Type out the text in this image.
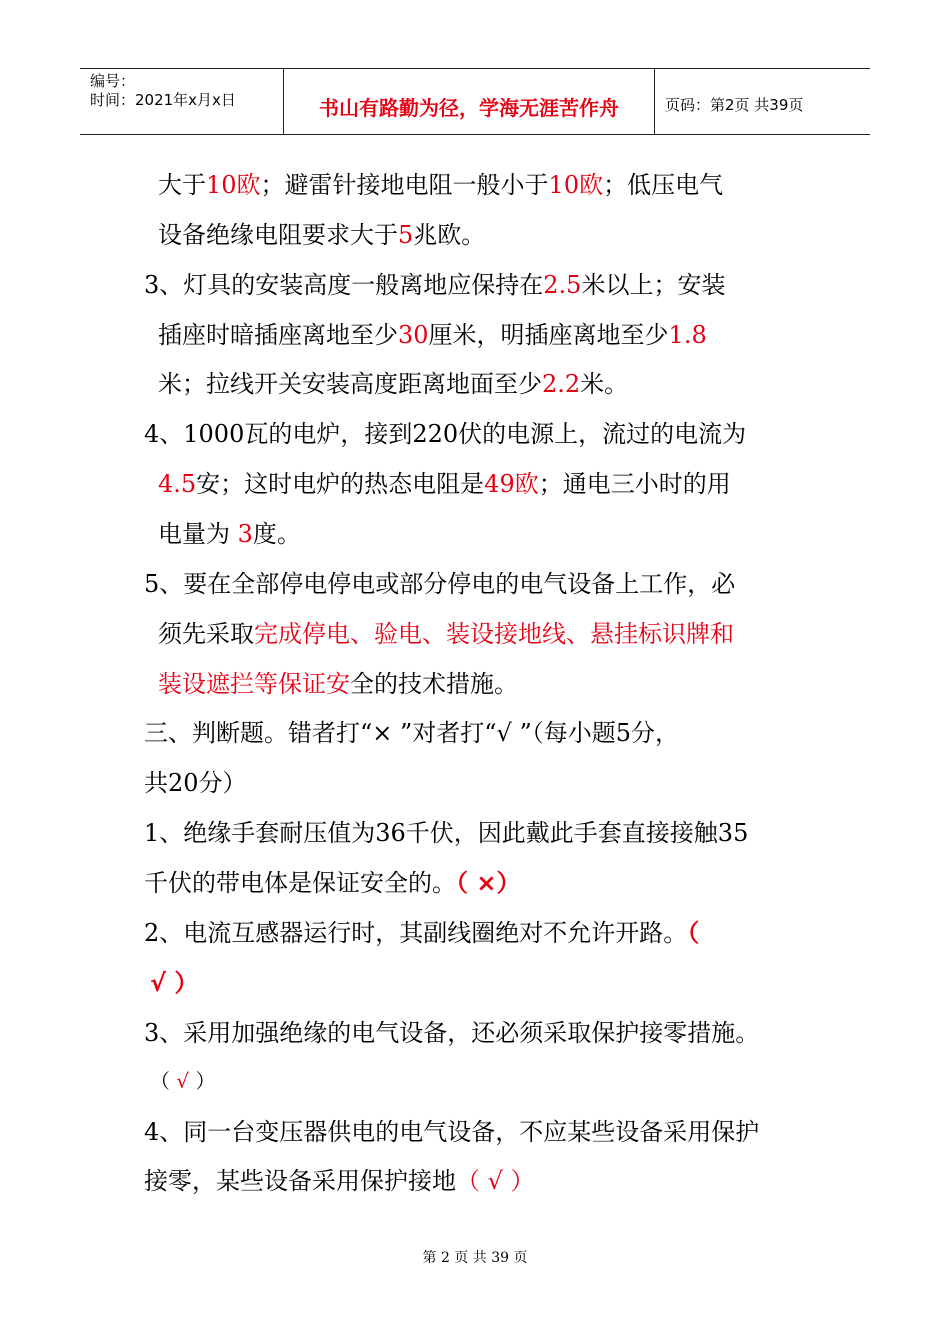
编号：
时间：2021年x月x日	书山有路勤为径，学海无涯苦作舟	页码：第2页 共39页
大于10欧；避雷针接地电阻一般小于10欧；低压电气
设备绝缘电阻要求大于5兆欧。
3、灯具的安装高度一般离地应保持在2.5米以上；安装
插座时暗插座离地至少30厘米，明插座离地至少1.8
米；拉线开关安装高度距离地面至少2.2米。
4、1000瓦的电炉，接到220伏的电源上，流过的电流为
4.5安；这时电炉的热态电阻是49欧；通电三小时的用
电量为 3度。
5、要在全部停电停电或部分停电的电气设备上工作，必
须先采取完成停电、验电、装设接地线、悬挂标识牌和
装设遮拦等保证安全的技术措施。
三、判断题。错者打“× ”对者打“√ ”（每小题5分，
共20分）
1、绝缘手套耐压值为36千伏，因此戴此手套直接接触35
千伏的带电体是保证安全的。（ ×）
2、电流互感器运行时，其副线圈绝对不允许开路。（
√ ）
3、采用加强绝缘的电气设备，还必须采取保护接零措施。
（ √ ）
4、同一台变压器供电的电气设备，不应某些设备采用保护
接零，某些设备采用保护接地（ √ ）
第 2 页 共 39 页
